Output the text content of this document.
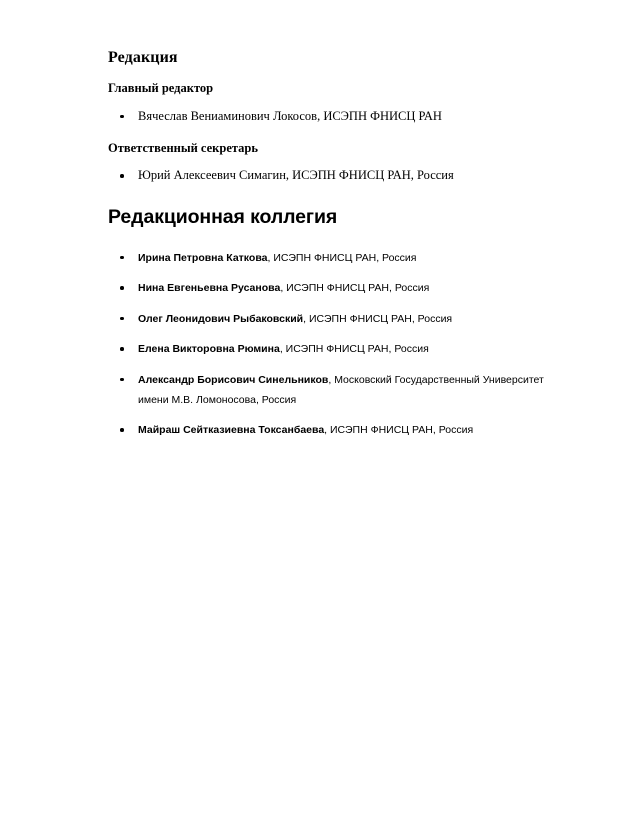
Редакция
Главный редактор
Вячеслав Вениаминович Локосов, ИСЭПН ФНИСЦ РАН
Ответственный секретарь
Юрий Алексеевич Симагин, ИСЭПН ФНИСЦ РАН, Россия
Редакционная коллегия
Ирина Петровна Каткова, ИСЭПН ФНИСЦ РАН, Россия
Нина Евгеньевна Русанова, ИСЭПН ФНИСЦ РАН, Россия
Олег Леонидович Рыбаковский, ИСЭПН ФНИСЦ РАН, Россия
Елена Викторовна Рюмина, ИСЭПН ФНИСЦ РАН, Россия
Александр Борисович Синельников, Московский Государственный Университет имени М.В. Ломоносова, Россия
Майраш Сейтказиевна Токсанбаева, ИСЭПН ФНИСЦ РАН, Россия
